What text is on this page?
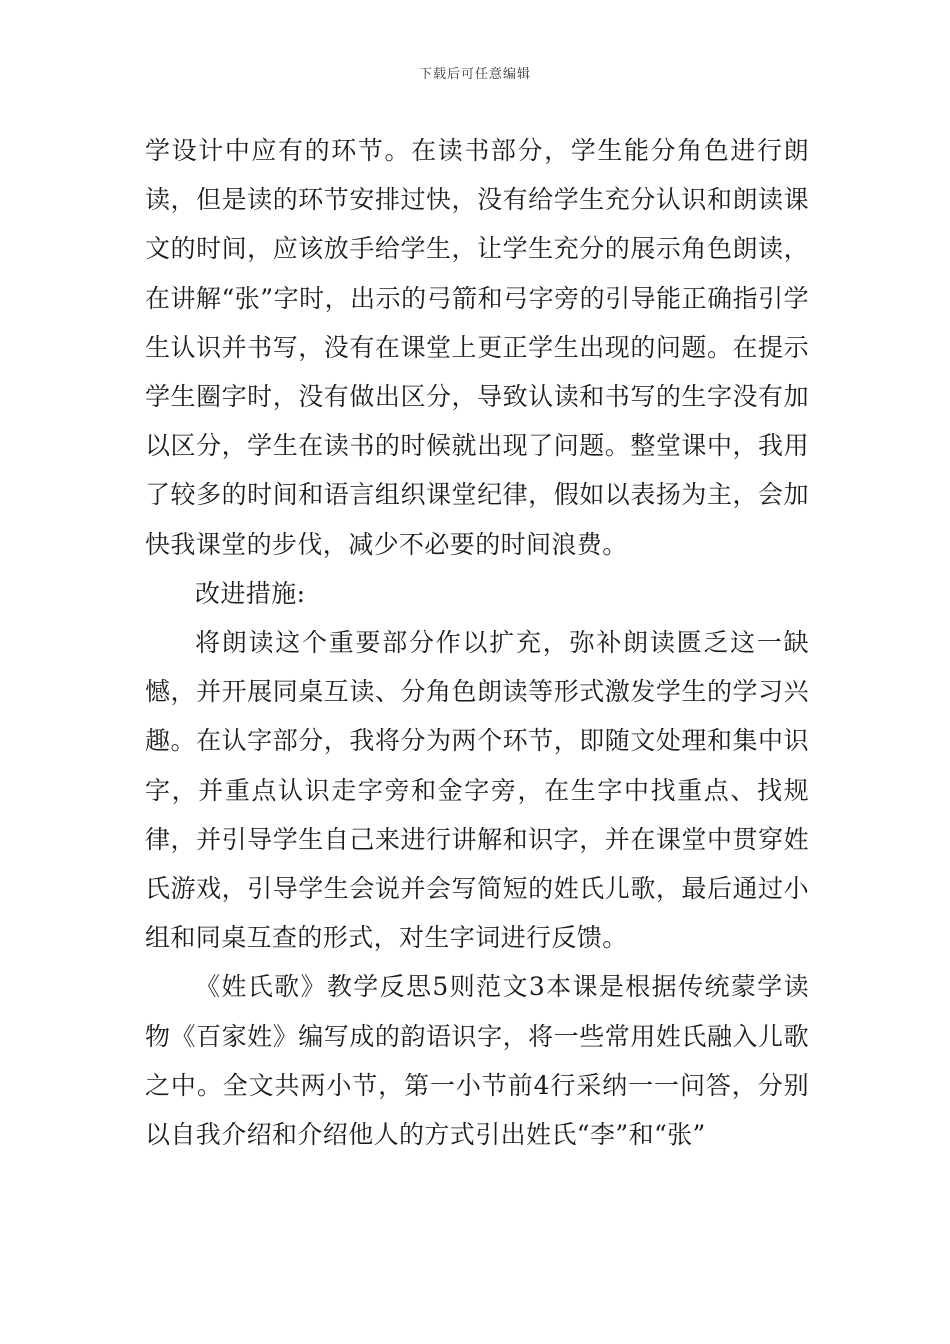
下载后可任意编辑

学设计中应有的环节。在读书部分，学生能分角色进行朗读，但是读的环节安排过快，没有给学生充分认识和朗读课文的时间，应该放手给学生，让学生充分的展示角色朗读，在讲解“张”字时，出示的弓箭和弓字旁的引导能正确指引学生认识并书写，没有在课堂上更正学生出现的问题。在提示学生圈字时，没有做出区分，导致认读和书写的生字没有加以区分，学生在读书的时候就出现了问题。整堂课中，我用了较多的时间和语言组织课堂纪律，假如以表扬为主，会加快我课堂的步伐，减少不必要的时间浪费。

改进措施:

将朗读这个重要部分作以扩充，弥补朗读匮乏这一缺憾，并开展同桌互读、分角色朗读等形式激发学生的学习兴趣。在认字部分，我将分为两个环节，即随文处理和集中识字，并重点认识走字旁和金字旁，在生字中找重点、找规律，并引导学生自己来进行讲解和识字，并在课堂中贯穿姓氏游戏，引导学生会说并会写简短的姓氏儿歌，最后通过小组和同桌互查的形式，对生字词进行反馈。

《姓氏歌》教学反思5则范文3本课是根据传统蒙学读物《百家姓》编写成的韵语识字，将一些常用姓氏融入儿歌之中。全文共两小节，第一小节前4行采纳一一问答，分别以自我介绍和介绍他人的方式引出姓氏“李”和“张”
